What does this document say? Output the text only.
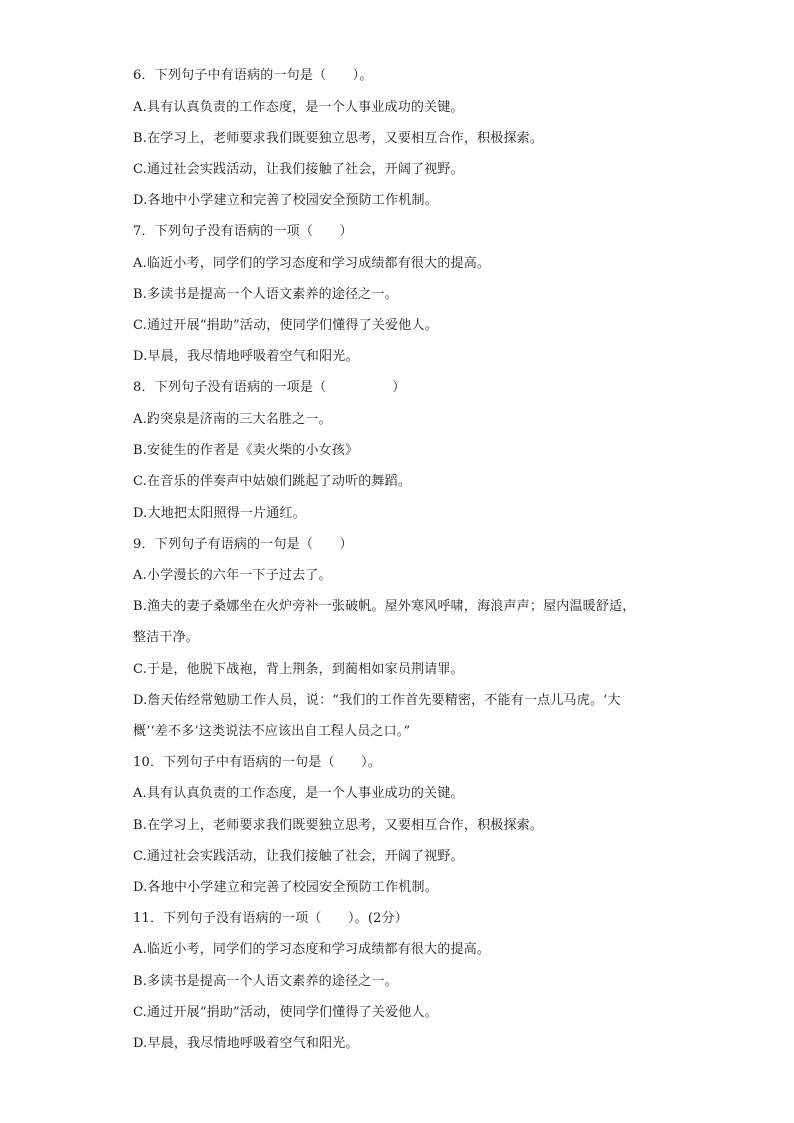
6．下列句子中有语病的一句是（　　）。
A.具有认真负责的工作态度，是一个人事业成功的关键。
B.在学习上，老师要求我们既要独立思考，又要相互合作，积极探索。
C.通过社会实践活动，让我们接触了社会，开阔了视野。
D.各地中小学建立和完善了校园安全预防工作机制。
7．下列句子没有语病的一项（　　）
A.临近小考，同学们的学习态度和学习成绩都有很大的提高。
B.多读书是提高一个人语文素养的途径之一。
C.通过开展“捐助”活动，使同学们懂得了关爱他人。
D.早晨，我尽情地呼吸着空气和阳光。
8．下列句子没有语病的一项是（　　　　　）
A.趵突泉是济南的三大名胜之一。
B.安徒生的作者是《卖火柴的小女孩》
C.在音乐的伴奏声中姑娘们跳起了动听的舞蹈。
D.大地把太阳照得一片通红。
9．下列句子有语病的一句是（　　）
A.小学漫长的六年一下子过去了。
B.渔夫的妻子桑娜坐在火炉旁补一张破帆。屋外寒风呼啸，海浪声声；屋内温暖舒适，
整洁干净。
C.于是，他脱下战袍，背上荆条，到蔺相如家员荆请罪。
D.詹天佑经常勉励工作人员，说：“我们的工作首先要精密，不能有一点儿马虎。‘大
概’‘差不多’这类说法不应该出自工程人员之口。”
10．下列句子中有语病的一句是（　　）。
A.具有认真负责的工作态度，是一个人事业成功的关键。
B.在学习上，老师要求我们既要独立思考，又要相互合作，积极探索。
C.通过社会实践活动，让我们接触了社会，开阔了视野。
D.各地中小学建立和完善了校园安全预防工作机制。
11．下列句子没有语病的一项（　　）。(2分）
A.临近小考，同学们的学习态度和学习成绩都有很大的提高。
B.多读书是提高一个人语文素养的途径之一。
C.通过开展“捐助”活动，使同学们懂得了关爱他人。
D.早晨，我尽情地呼吸着空气和阳光。
